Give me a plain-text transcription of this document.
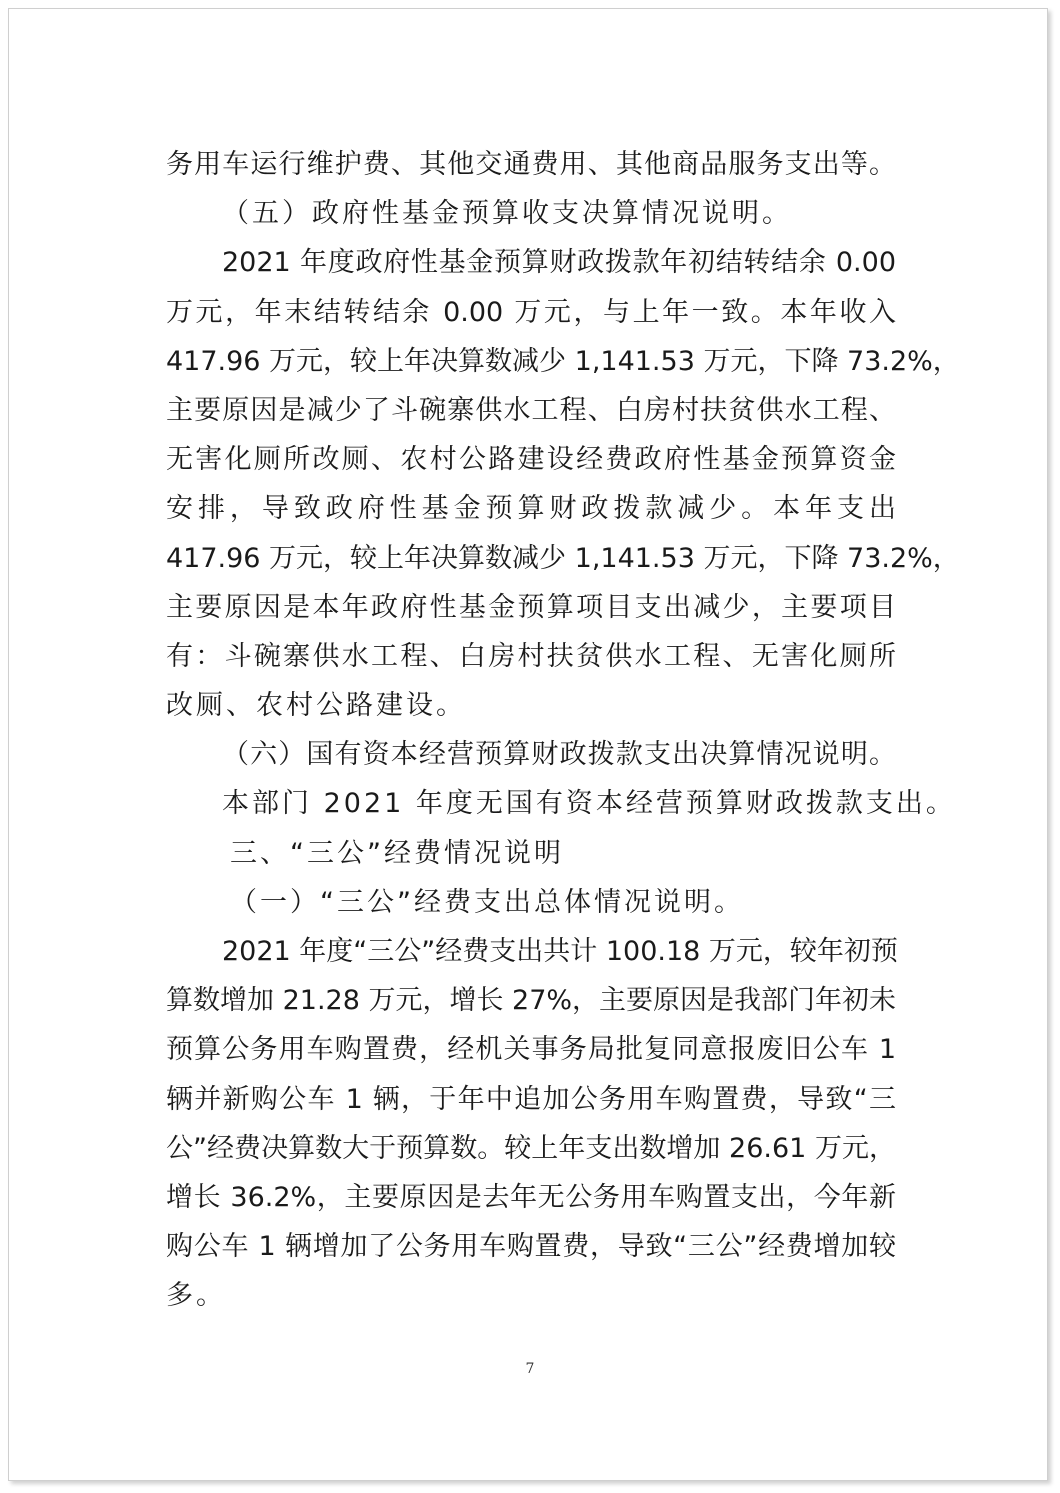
务用车运行维护费、其他交通费用、其他商品服务支出等。
（五）政府性基金预算收支决算情况说明。
2021 年度政府性基金预算财政拨款年初结转结余 0.00
万元，年末结转结余 0.00 万元，与上年一致。本年收入
417.96 万元，较上年决算数减少 1,141.53 万元，下降 73.2%，
主要原因是减少了斗碗寨供水工程、白房村扶贫供水工程、
无害化厕所改厕、农村公路建设经费政府性基金预算资金
安排，导致政府性基金预算财政拨款减少。本年支出
417.96 万元，较上年决算数减少 1,141.53 万元，下降 73.2%，
主要原因是本年政府性基金预算项目支出减少，主要项目
有：斗碗寨供水工程、白房村扶贫供水工程、无害化厕所
改厕、农村公路建设。
（六）国有资本经营预算财政拨款支出决算情况说明。
本部门 2021 年度无国有资本经营预算财政拨款支出。
三、“三公”经费情况说明
（一）“三公”经费支出总体情况说明。
2021 年度“三公”经费支出共计 100.18 万元，较年初预
算数增加 21.28 万元，增长 27%，主要原因是我部门年初未
预算公务用车购置费，经机关事务局批复同意报废旧公车 1
辆并新购公车 1 辆，于年中追加公务用车购置费，导致“三
公”经费决算数大于预算数。较上年支出数增加 26.61 万元，
增长 36.2%，主要原因是去年无公务用车购置支出，今年新
购公车 1 辆增加了公务用车购置费，导致“三公”经费增加较
多。
7
